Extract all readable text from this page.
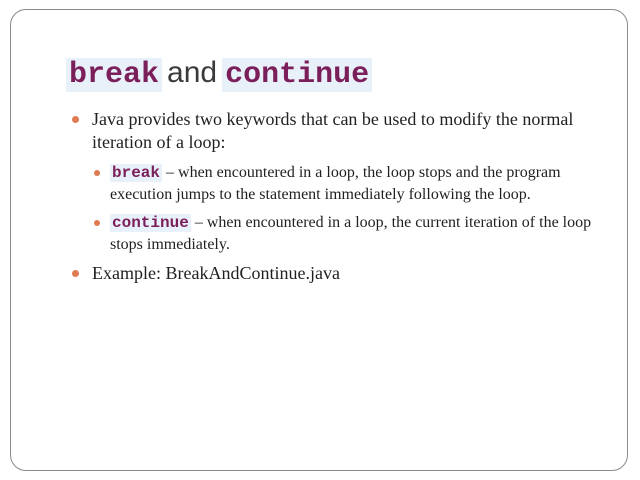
break and continue
Java provides two keywords that can be used to modify the normal iteration of a loop:
break – when encountered in a loop, the loop stops and the program execution jumps to the statement immediately following the loop.
continue – when encountered in a loop, the current iteration of the loop stops immediately.
Example: BreakAndContinue.java
